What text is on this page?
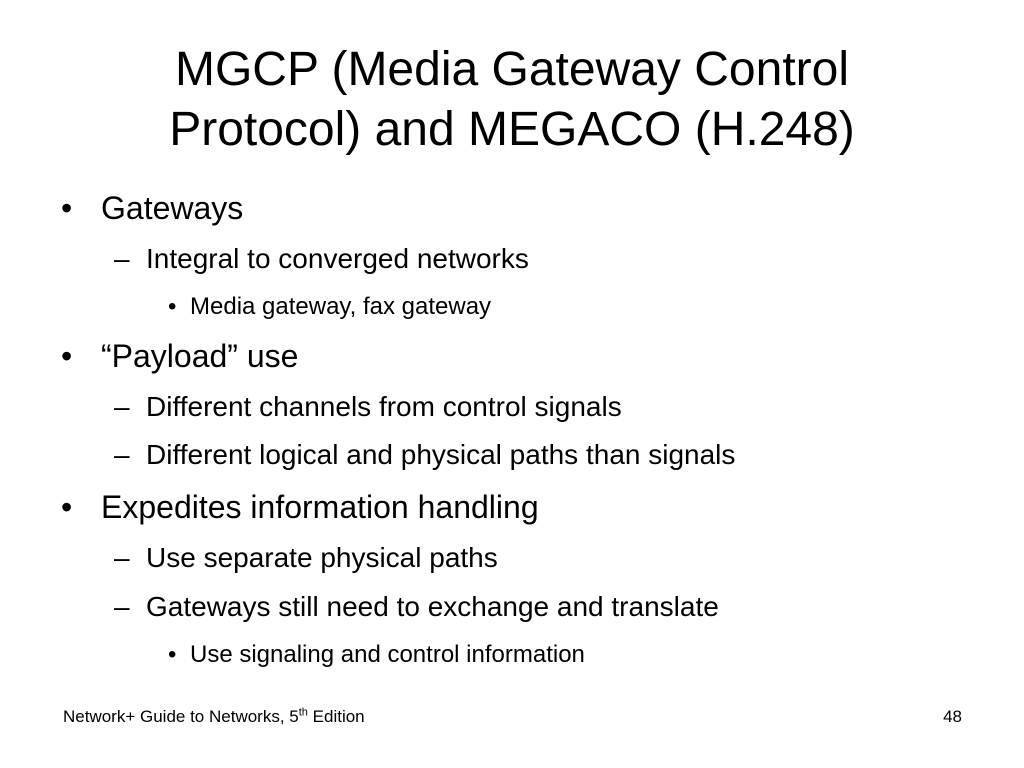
MGCP (Media Gateway Control
Protocol) and MEGACO (H.248)
• Gateways
– Integral to converged networks
• Media gateway, fax gateway
• “Payload” use
– Different channels from control signals
– Different logical and physical paths than signals
• Expedites information handling
– Use separate physical paths
– Gateways still need to exchange and translate
• Use signaling and control information
Network+ Guide to Networks, 5th Edition	48
